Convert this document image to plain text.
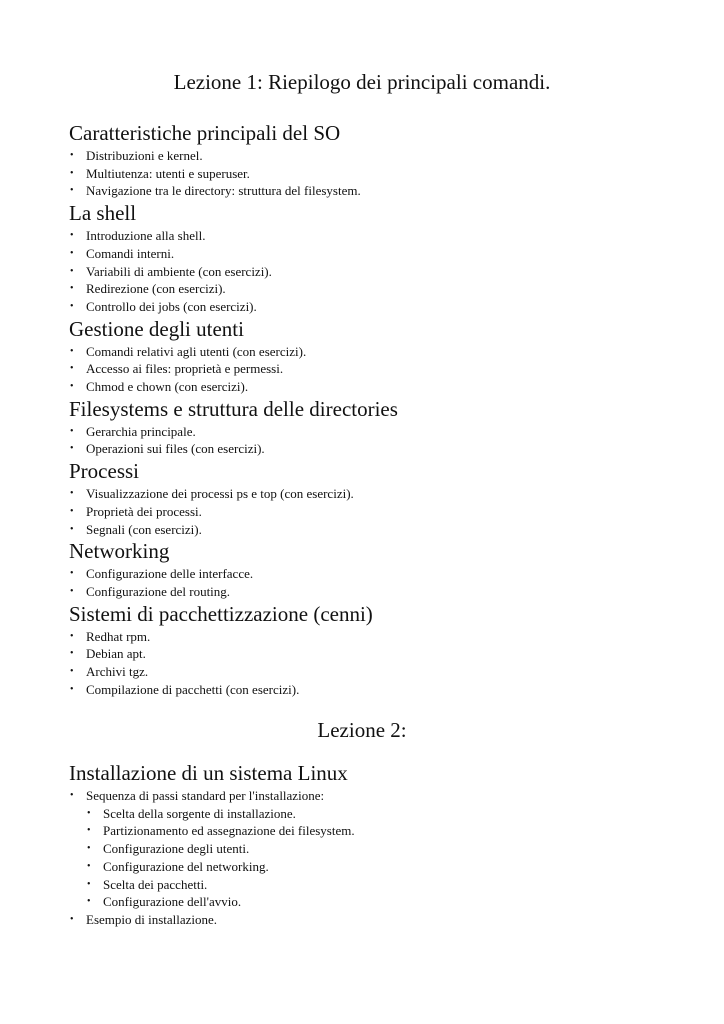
Lezione 1: Riepilogo dei principali comandi.
Caratteristiche principali del SO
• Distribuzioni e kernel.
• Multiutenza: utenti e superuser.
• Navigazione tra le directory: struttura del filesystem.
La shell
• Introduzione alla shell.
• Comandi interni.
• Variabili di ambiente (con esercizi).
• Redirezione (con esercizi).
• Controllo dei jobs (con esercizi).
Gestione degli utenti
• Comandi relativi agli utenti (con esercizi).
• Accesso ai files: proprietà e permessi.
• Chmod e chown (con esercizi).
Filesystems e struttura delle directories
• Gerarchia principale.
• Operazioni sui files (con esercizi).
Processi
• Visualizzazione dei processi ps e top (con esercizi).
• Proprietà dei processi.
• Segnali (con esercizi).
Networking
• Configurazione delle interfacce.
• Configurazione del routing.
Sistemi di pacchettizzazione (cenni)
• Redhat rpm.
• Debian apt.
• Archivi tgz.
• Compilazione di pacchetti (con esercizi).
Lezione 2:
Installazione di un sistema Linux
• Sequenza di passi standard per l'installazione:
• Scelta della sorgente di installazione.
• Partizionamento ed assegnazione dei filesystem.
• Configurazione degli utenti.
• Configurazione del networking.
• Scelta dei pacchetti.
• Configurazione dell'avvio.
• Esempio di installazione.
